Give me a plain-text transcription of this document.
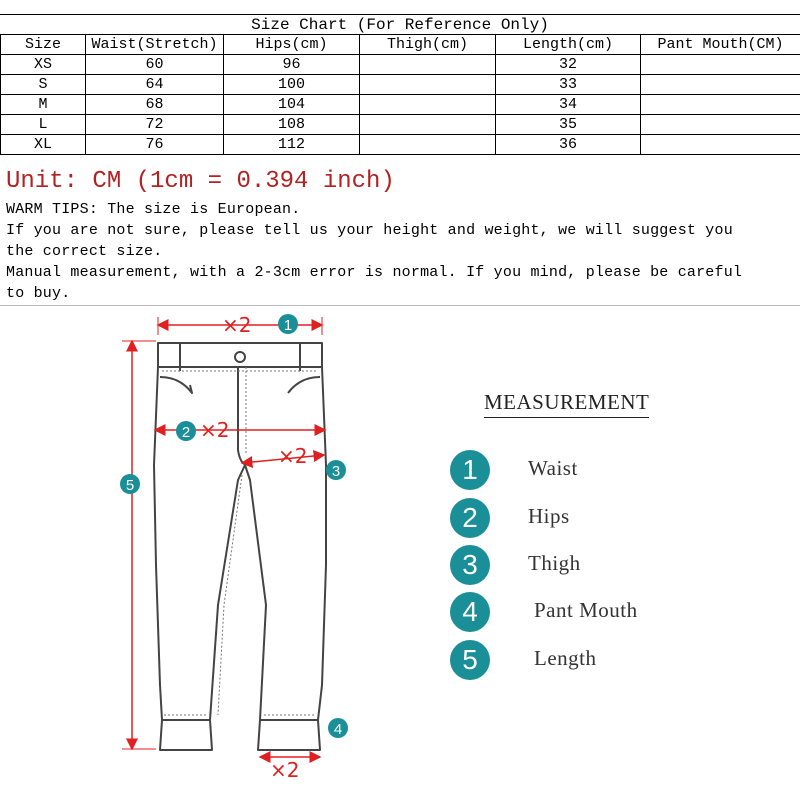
Size Chart (For Reference Only)
Size	Waist(Stretch)	Hips(cm)	Thigh(cm)	Length(cm)	Pant Mouth(CM)
XS	60	96		32	
S	64	100		33	
M	68	104		34	
L	72	108		35	
XL	76	112		36	
Unit: CM (1cm = 0.394 inch)
WARM TIPS: The size is European.
If you are not sure, please tell us your height and weight, we will suggest you
the correct size.
Manual measurement, with a 2-3cm error is normal. If you mind, please be careful
to buy.
×2 1
2 ×2
×2
3
5
×2
4
MEASUREMENT
1	Waist
2	Hips
3	Thigh
4	Pant Mouth
5	Length
